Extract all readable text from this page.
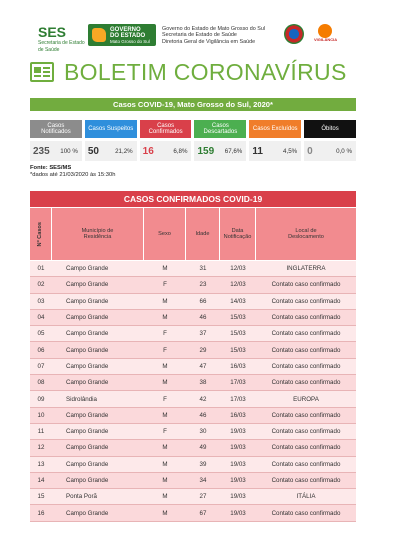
SES
Secretaria de Estado
de Saúde
GOVERNO
DO ESTADO
Mato Grosso do Sul
Governo do Estado de Mato Grosso do Sul
Secretaria de Estado de Saúde
Diretoria Geral de Vigilância em Saúde	VIGILÂNCIA
BOLETIM CORONAVÍRUS
Casos COVID-19, Mato Grosso do Sul, 2020*
Casos
Notificados
235	100 %
Casos Suspeitos
50	21,2%
Casos
Confirmados
16	6,8%
Casos
Descartados
159	67,6%
Casos Excluídos
11	4,5%
Óbitos
0	0,0 %
Fonte: SES/MS
*dados até 21/03/2020 às 15:30h
CASOS CONFIRMADOS COVID-19
Nº Casos	Município de
Residência
Sexo	Idade
Data
Notificação
Local de
Deslocamento
01	Campo Grande	M	31	12/03	INGLATERRA
02	Campo Grande	F	23	12/03	Contato caso confirmado
03	Campo Grande	M	66	14/03	Contato caso confirmado
04	Campo Grande	M	46	15/03	Contato caso confirmado
05	Campo Grande	F	37	15/03	Contato caso confirmado
06	Campo Grande	F	29	15/03	Contato caso confirmado
07	Campo Grande	M	47	16/03	Contato caso confirmado
08	Campo Grande	M	38	17/03	Contato caso confirmado
09	Sidrolândia	F	42	17/03	EUROPA
10	Campo Grande	M	46	16/03	Contato caso confirmado
11	Campo Grande	F	30	19/03	Contato caso confirmado
12	Campo Grande	M	49	19/03	Contato caso confirmado
13	Campo Grande	M	39	19/03	Contato caso confirmado
14	Campo Grande	M	34	19/03	Contato caso confirmado
15	Ponta Porã	M	27	19/03	ITÁLIA
16	Campo Grande	M	67	19/03	Contato caso confirmado
